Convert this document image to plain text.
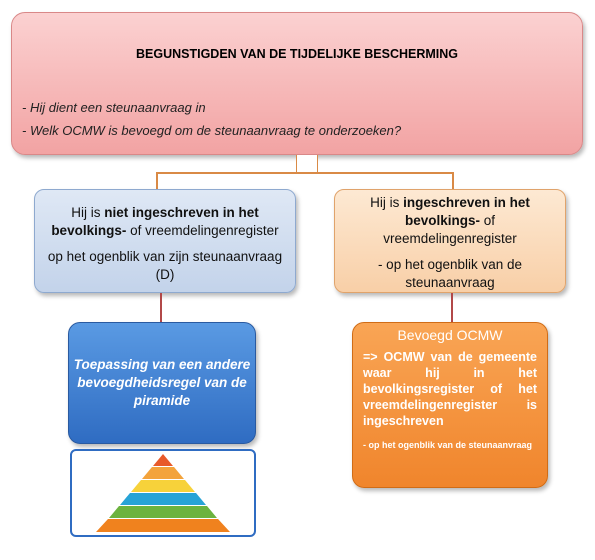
BEGUNSTIGDEN VAN DE TIJDELIJKE BESCHERMING
- Hij dient een steunaanvraag in
- Welk OCMW is bevoegd om de steunaanvraag te onderzoeken?

Hij is niet ingeschreven in het

bevolkings- of vreemdelingenregister

op het ogenblik van zijn steunaanvraag

(D)

Hij is ingeschreven in het

bevolkings- of

vreemdelingenregister

- op het ogenblik van de

steunaanvraag

Toepassing van een andere
bevoegdheidsregel van de
piramide
Bevoegd OCMW
=> OCMW van de gemeente waar hij in het bevolkingsregister of het vreemdelingenregister is ingeschreven
- op het ogenblik van de steunaanvraag
